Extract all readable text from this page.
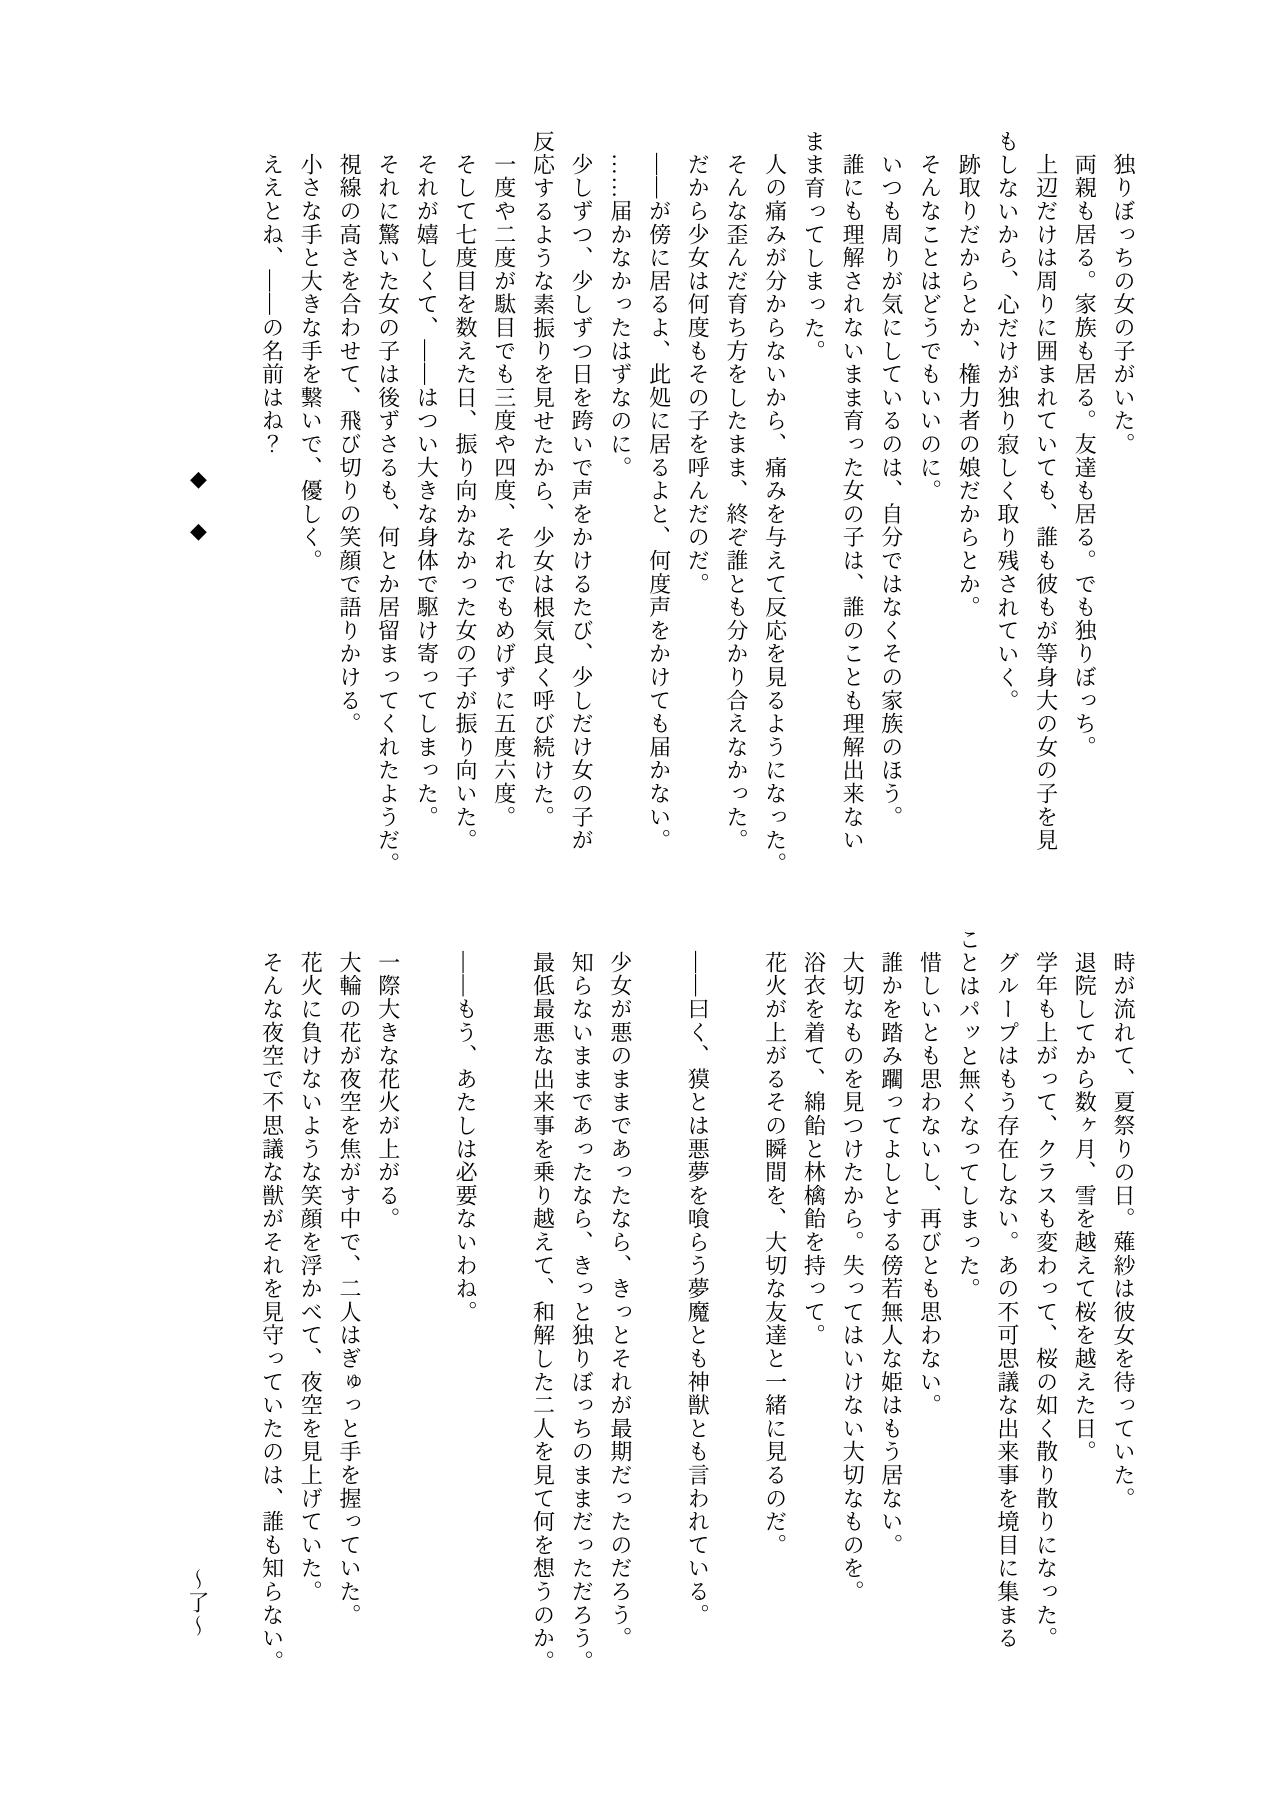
独りぼっちの女の子がいた。

両親も居る。家族も居る。友達も居る。でも独りぼっち。

上辺だけは周りに囲まれていても、誰も彼もが等身大の女の子を見

もしないから、心だけが独り寂しく取り残されていく。

跡取りだからとか、権力者の娘だからとか。

そんなことはどうでもいいのに。

いつも周りが気にしているのは、自分ではなくその家族のほう。

誰にも理解されないまま育った女の子は、誰のことも理解出来ない

まま育ってしまった。

人の痛みが分からないから、痛みを与えて反応を見るようになった。

そんな歪んだ育ち方をしたまま、終ぞ誰とも分かり合えなかった。

だから少女は何度もその子を呼んだのだ。

――が傍に居るよ、此処に居るよと、何度声をかけても届かない。

……届かなかったはずなのに。

少しずつ、少しずつ日を跨いで声をかけるたび、少しだけ女の子が

反応するような素振りを見せたから、少女は根気良く呼び続けた。

一度や二度が駄目でも三度や四度、それでもめげずに五度六度。

そして七度目を数えた日、振り向かなかった女の子が振り向いた。

それが嬉しくて、――はつい大きな身体で駆け寄ってしまった。

それに驚いた女の子は後ずさるも、何とか居留まってくれたようだ。

視線の高さを合わせて、飛び切りの笑顔で語りかける。

小さな手と大きな手を繋いで、優しく。

ええとね、――の名前はね？

◆◆

時が流れて、夏祭りの日。薙紗は彼女を待っていた。

退院してから数ヶ月、雪を越えて桜を越えた日。

学年も上がって、クラスも変わって、桜の如く散り散りになった。

グループはもう存在しない。あの不可思議な出来事を境目に集まる

ことはパッと無くなってしまった。

惜しいとも思わないし、再びとも思わない。

誰かを踏み躙ってよしとする傍若無人な姫はもう居ない。

大切なものを見つけたから。失ってはいけない大切なものを。

浴衣を着て、綿飴と林檎飴を持って。

花火が上がるその瞬間を、大切な友達と一緒に見るのだ。

――曰く、獏とは悪夢を喰らう夢魔とも神獣とも言われている。

少女が悪のままであったなら、きっとそれが最期だったのだろう。

知らないままであったなら、きっと独りぼっちのままだっただろう。

最低最悪な出来事を乗り越えて、和解した二人を見て何を想うのか。

――もう、あたしは必要ないわね。

一際大きな花火が上がる。

大輪の花が夜空を焦がす中で、二人はぎゅっと手を握っていた。

花火に負けないような笑顔を浮かべて、夜空を見上げていた。

そんな夜空で不思議な獣がそれを見守っていたのは、誰も知らない。

〜了〜
